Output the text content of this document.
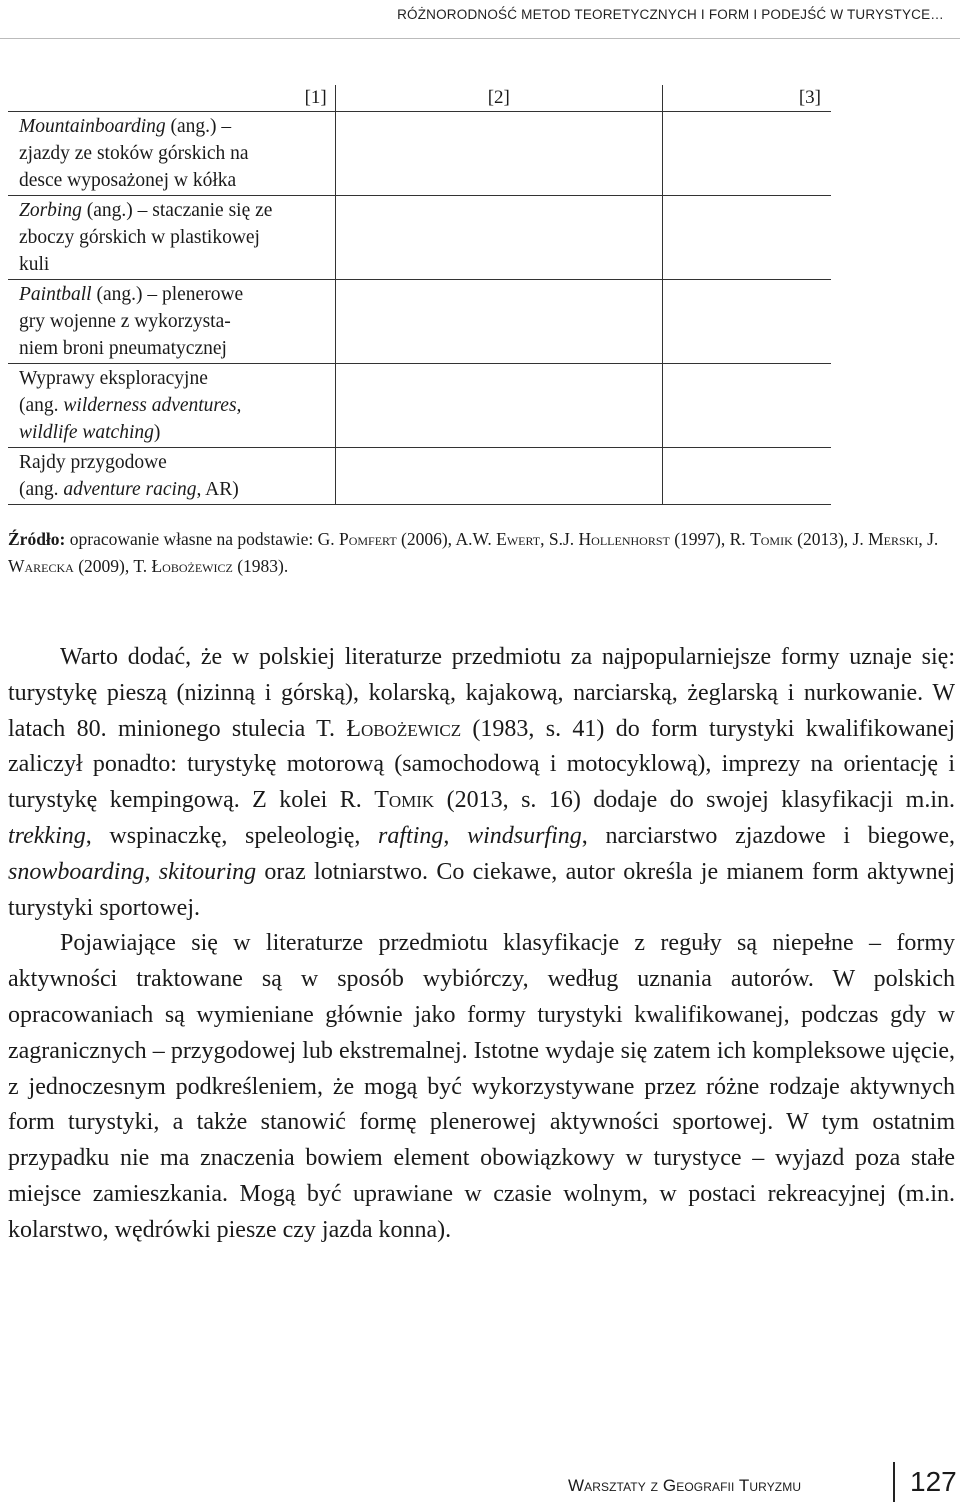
RÓŻNORODNOŚĆ METOD TEORETYCZNYCH I FORM I PODEJŚĆ W TURYSTYCE…
[1]	[2]	[3]

Mountainboarding (ang.) –
zjazdy ze stoków górskich na
desce wyposażonej w kółka		

Zorbing (ang.) – staczanie się ze
zboczy górskich w plastikowej
kuli		

Paintball (ang.) – plenerowe
gry wojenne z wykorzysta-
niem broni pneumatycznej		

Wyprawy eksploracyjne
(ang. wilderness adventures,
wildlife watching)		

Rajdy przygodowe
(ang. adventure racing, AR)		

Źródło: opracowanie własne na podstawie: G. Pomfert (2006), A.W. Ewert, S.J. Hollenhorst (1997), R. Tomik (2013), J. Merski, J. Warecka (2009), T. Łobożewicz (1983).

Warto dodać, że w polskiej literaturze przedmiotu za najpopularniejsze formy uznaje się: turystykę pieszą (nizinną i górską), kolarską, kajakową, narciarską, żeglarską i nurkowanie. W latach 80. minionego stulecia T. Łobożewicz (1983, s. 41) do form turystyki kwalifikowanej zaliczył ponadto: turystykę motorową (samochodową i motocyklową), imprezy na orientację i turystykę kempingową. Z kolei R. Tomik (2013, s. 16) dodaje do swojej klasyfikacji m.in. trekking, wspinaczkę, speleologię, rafting, windsurfing, narciarstwo zjazdowe i biegowe, snowboarding, skitouring oraz lotniarstwo. Co ciekawe, autor określa je mianem form aktywnej turystyki sportowej.

Pojawiające się w literaturze przedmiotu klasyfikacje z reguły są niepełne – formy aktywności traktowane są w sposób wybiórczy, według uznania autorów. W polskich opracowaniach są wymieniane głównie jako formy turystyki kwalifikowanej, podczas gdy w zagranicznych – przygodowej lub ekstremalnej. Istotne wydaje się zatem ich kompleksowe ujęcie, z jednoczesnym podkreśleniem, że mogą być wykorzystywane przez różne rodzaje aktywnych form turystyki, a także stanowić formę plenerowej aktywności sportowej. W tym ostatnim przypadku nie ma znaczenia bowiem element obowiązkowy w turystyce – wyjazd poza stałe miejsce zamieszkania. Mogą być uprawiane w czasie wolnym, w postaci rekreacyjnej (m.in. kolarstwo, wędrówki piesze czy jazda konna).

Warsztaty z Geografii Turyzmu	127
